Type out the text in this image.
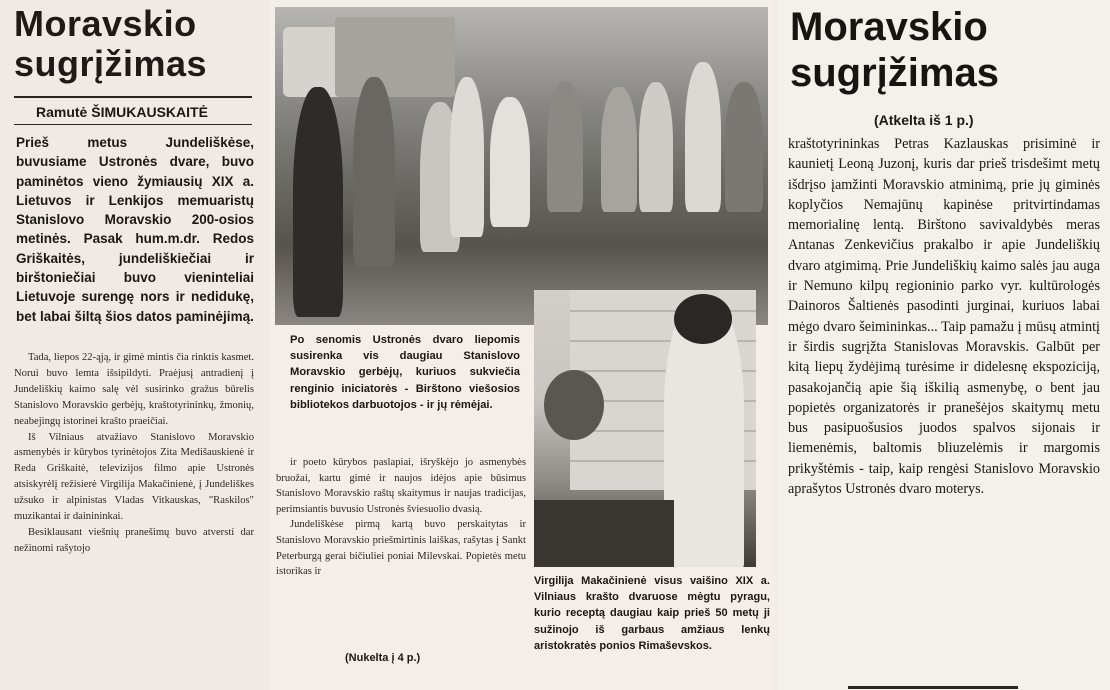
Moravskio sugrįžimas
Ramutė ŠIMUKAUSKAITĖ
Prieš metus Jundeliškėse, buvusiame Ustronės dvare, buvo paminėtos vieno žymiausių XIX a. Lietuvos ir Lenkijos memuaristų Stanislovo Moravskio 200-osios metinės. Pasak hum.m.dr. Redos Griškaitės, jundeliškiečiai ir birštoniečiai buvo vieninteliai Lietuvoje surengę nors ir nedidukę, bet labai šiltą šios datos paminėjimą.

Tada, liepos 22-ąją, ir gimė mintis čia rinktis kasmet. Norui buvo lemta išsipildyti. Praėjusį antradienį į Jundeliškių kaimo salę vėl susirinko gražus būrelis Stanislovo Moravskio gerbėjų, kraštotyrininkų, žmonių, neabejingų istorinei krašto praeičiai.

Iš Vilniaus atvažiavo Stanislovo Moravskio asmenybės ir kūrybos tyrinėtojos Zita Medišauskienė ir Reda Griškaitė, televizijos filmo apie Ustronės atsiskyrėlį režisierė Virgilija Makačinienė, į Jundeliškes užsuko ir alpinistas Vladas Vitkauskas, "Raskilos" muzikantai ir dainininkai.

Besiklausant viešnių pranešimų buvo atverstí dar nežinomi rašytojo

Po senomis Ustronės dvaro liepomis susirenka vis daugiau Stanislovo Moravskio gerbėjų, kuriuos sukviečia renginio iniciatorės - Birštono viešosios bibliotekos darbuotojos - ir jų rėmėjai.

ir poeto kūrybos paslapiai, išryškėjo jo asmenybės bruožai, kartu gimė ir naujos idėjos apie būsimus Stanislovo Moravskio raštų skaitymus ir naujas tradicijas, perimsiantis buvusio Ustronės šviesuolio dvasią.

Jundeliškėse pirmą kartą buvo perskaitytas ir Stanislovo Moravskio priešmirtinis laiškas, rašytas į Sankt Peterburgą gerai bičiuliei poniai Milevskai. Popietės metu istorikas ir

(Nukelta į 4 p.)
Virgilija Makačinienė visus vaišino XIX a. Vilniaus krašto dvaruose mėgtu pyragu, kurio receptą daugiau kaip prieš 50 metų ji sužinojo iš garbaus amžiaus lenkų aristokratės ponios Rimaševskos.
Moravskio sugrįžimas
(Atkelta iš 1 p.)
kraštotyrininkas Petras Kazlauskas prisiminė ir kaunietį Leoną Juzonį, kuris dar prieš trisdešimt metų išdrįso įamžinti Moravskio atminimą, prie jų giminės koplyčios Nemajūnų kapinėse pritvirtindamas memorialinę lentą. Birštono savivaldybės meras Antanas Zenkevičius prakalbo ir apie Jundeliškių dvaro atgimimą. Prie Jundeliškių kaimo salės jau auga ir Nemuno kilpų regioninio parko vyr. kultūrologės Dainoros Šaltienės pasodinti jurginai, kuriuos labai mėgo dvaro šeimininkas... Taip pamažu į mūsų atmintį ir širdis sugrįžta Stanislovas Moravskis. Galbūt per kitą liepų žydėjimą turėsime ir didelesnę ekspoziciją, pasakojančią apie šią iškilią asmenybę, o bent jau popietės organizatorės ir pranešėjos skaitymų metu bus pasipuošusios juodos spalvos sijonais ir liemenėmis, baltomis bliuzelėmis ir margomis prikyštėmis - taip, kaip rengėsi Stanislovo Moravskio aprašytos Ustronės dvaro moterys.
